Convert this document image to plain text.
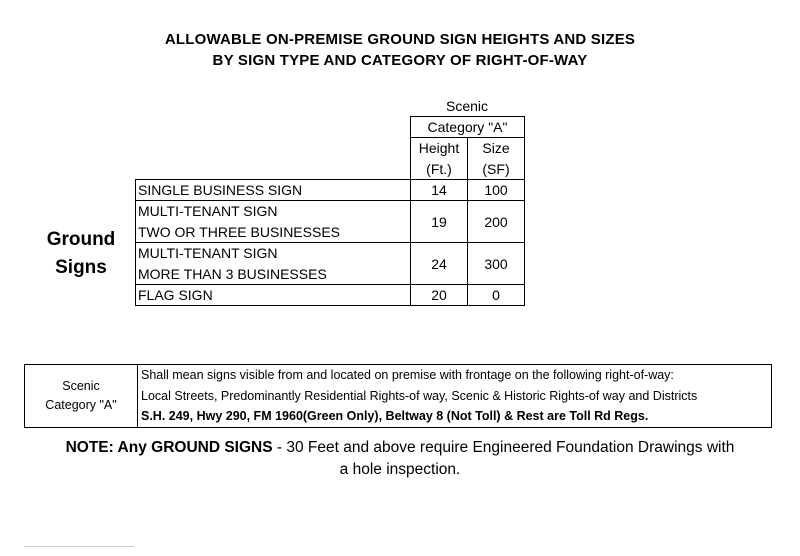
ALLOWABLE ON-PREMISE GROUND SIGN HEIGHTS AND SIZES
BY SIGN TYPE AND CATEGORY OF RIGHT-OF-WAY
Scenic
Ground
Signs
	Category "A"	
	Height	Size
	(Ft.)	(SF)
SINGLE BUSINESS SIGN	14	100
MULTI-TENANT SIGN	19	200
TWO OR THREE BUSINESSES		
MULTI-TENANT SIGN	24	300
MORE THAN 3 BUSINESSES		
FLAG SIGN	20	0
Scenic
Category "A"

Shall mean signs visible from and located on premise with frontage on the following right-of-way:
Local Streets, Predominantly Residential Rights-of way, Scenic & Historic Rights-of way and Districts
S.H. 249, Hwy 290, FM 1960(Green Only), Beltway 8 (Not Toll) & Rest are Toll Rd Regs.
NOTE: Any GROUND SIGNS - 30 Feet and above require Engineered Foundation Drawings with
a hole inspection.
